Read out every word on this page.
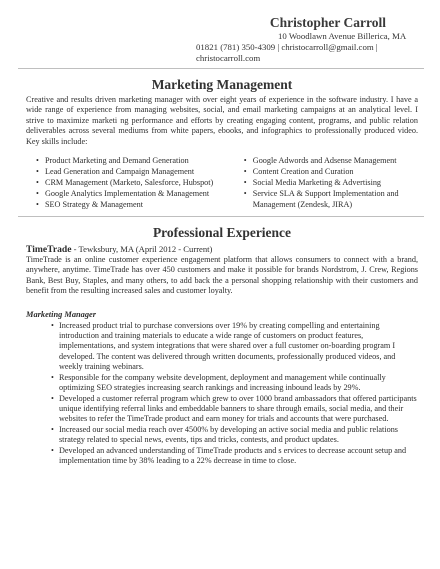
Christopher Carroll
10 Woodlawn Avenue Billerica, MA
01821 (781) 350-4309 | christocarroll@gmail.com |
christocarroll.com
Marketing Management
Creative and results driven marketing manager with over eight years of experience in the software industry. I have a wide range of experience from managing websites, social, and email marketing campaigns at an analytical level. I strive to maximize marketi ng performance and efforts by creating engaging content, programs, and public relation deliverables across several mediums from white papers, ebooks, and infographics to professionally produced video. Key skills include:
• Product Marketing and Demand Generation
• Lead Generation and Campaign Management
• CRM Management (Marketo, Salesforce, Hubspot)
• Google Analytics Implementation & Management
• SEO Strategy & Management
• Google Adwords and Adsense Management
• Content Creation and Curation
• Social Media Marketing & Advertising
• Service SLA & Support Implementation and Management (Zendesk, JIRA)
Professional Experience
TimeTrade - Tewksbury, MA (April 2012 - Current)
TimeTrade is an online customer experience engagement platform that allows consumers to connect with a brand, anywhere, anytime. TimeTrade has over 450 customers and make it possible for brands Nordstrom, J. Crew, Regions Bank, Best Buy, Staples, and many others, to add back the a personal shopping relationship with their customers and benefit from the resulting increased sales and customer loyalty.
Marketing Manager
• Increased product trial to purchase conversions over 19% by creating compelling and entertaining introduction and training materials to educate a wide range of customers on product features, implementations, and system integrations that were shared over a full customer on-boarding program I developed. The content was delivered through written documents, professionally produced videos, and weekly training webinars.
• Responsible for the company website development, deployment and management while continually optimizing SEO strategies increasing search rankings and increasing inbound leads by 29%.
• Developed a customer referral program which grew to over 1000 brand ambassadors that offered participants unique identifying referral links and embeddable banners to share through emails, social media, and their websites to refer the TimeTrade product and earn money for trials and accounts that were purchased.
• Increased our social media reach over 4500% by developing an active social media and public relations strategy related to special news, events, tips and tricks, contests, and product updates.
• Developed an advanced understanding of TimeTrade products and s ervices to decrease account setup and implementation time by 38% leading to a 22% decrease in time to close.
